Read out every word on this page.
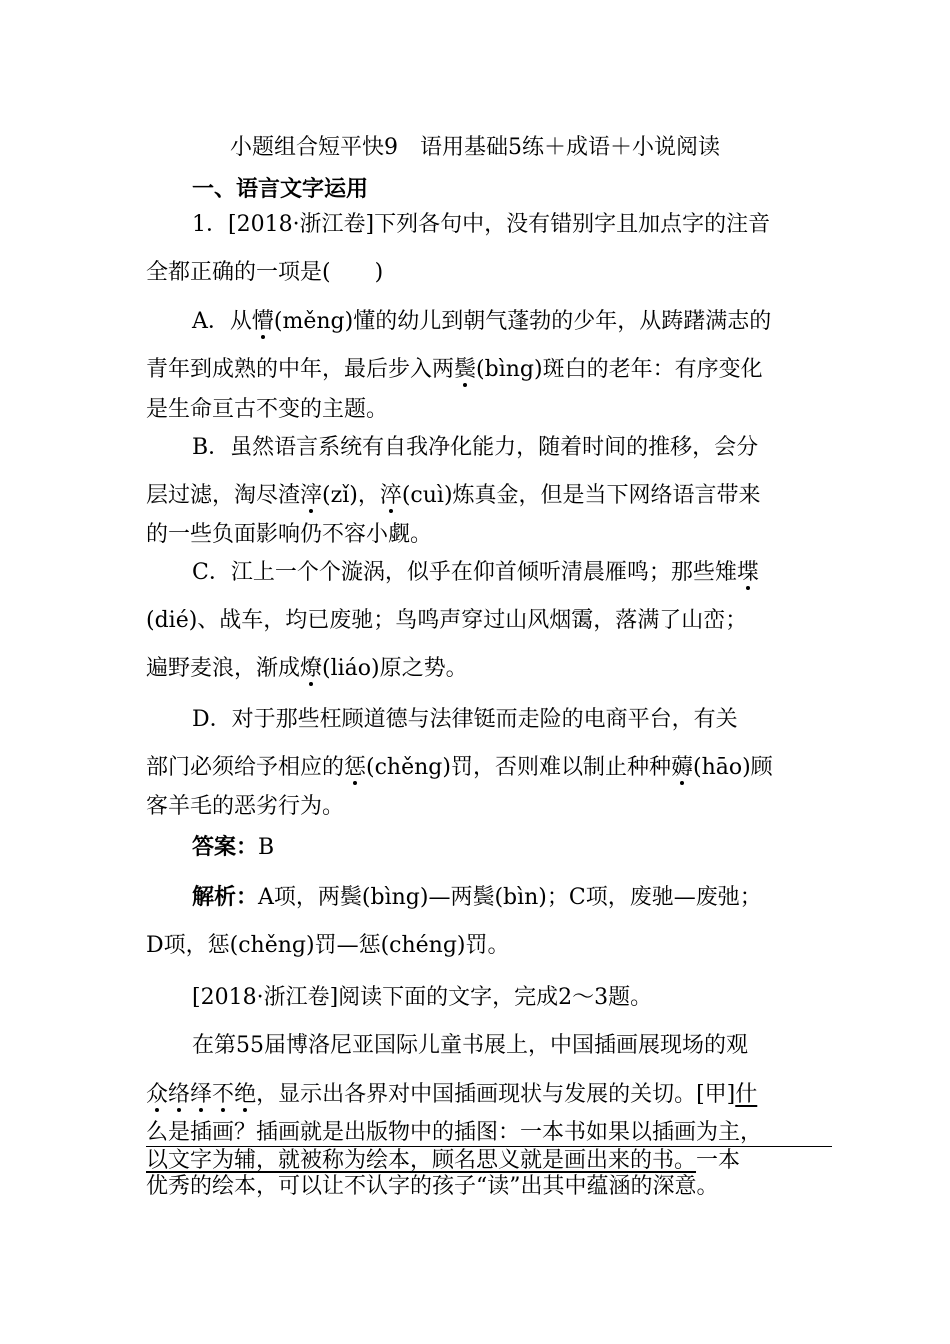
小题组合短平快9　语用基础5练＋成语＋小说阅读
一、语言文字运用
1．[2018·浙江卷]下列各句中，没有错别字且加点字的注音
全都正确的一项是(　　)
A．从懵(měng)懂的幼儿到朝气蓬勃的少年，从踌躇满志的
青年到成熟的中年，最后步入两鬓(bìng)斑白的老年：有序变化
是生命亘古不变的主题。
B．虽然语言系统有自我净化能力，随着时间的推移，会分
层过滤，淘尽渣滓(zǐ)，淬(cuì)炼真金，但是当下网络语言带来
的一些负面影响仍不容小觑。
C．江上一个个漩涡，似乎在仰首倾听清晨雁鸣；那些雉堞
(dié)、战车，均已废驰；鸟鸣声穿过山风烟霭，落满了山峦；
遍野麦浪，渐成燎(liáo)原之势。
D．对于那些枉顾道德与法律铤而走险的电商平台，有关
部门必须给予相应的惩(chěng)罚，否则难以制止种种薅(hāo)顾
客羊毛的恶劣行为。
答案：B
解析：A项，两鬓(bìng)—两鬓(bìn)；C项，废驰—废弛；
D项，惩(chěnɡ)罚—惩(chénɡ)罚。
[2018·浙江卷]阅读下面的文字，完成2～3题。
在第55届博洛尼亚国际儿童书展上，中国插画展现场的观
众络绎不绝，显示出各界对中国插画现状与发展的关切。[甲]什
么是插画？插画就是出版物中的插图：一本书如果以插画为主，
以文字为辅，就被称为绘本，顾名思义就是画出来的书。一本
优秀的绘本，可以让不认字的孩子“读”出其中蕴涵的深意。
